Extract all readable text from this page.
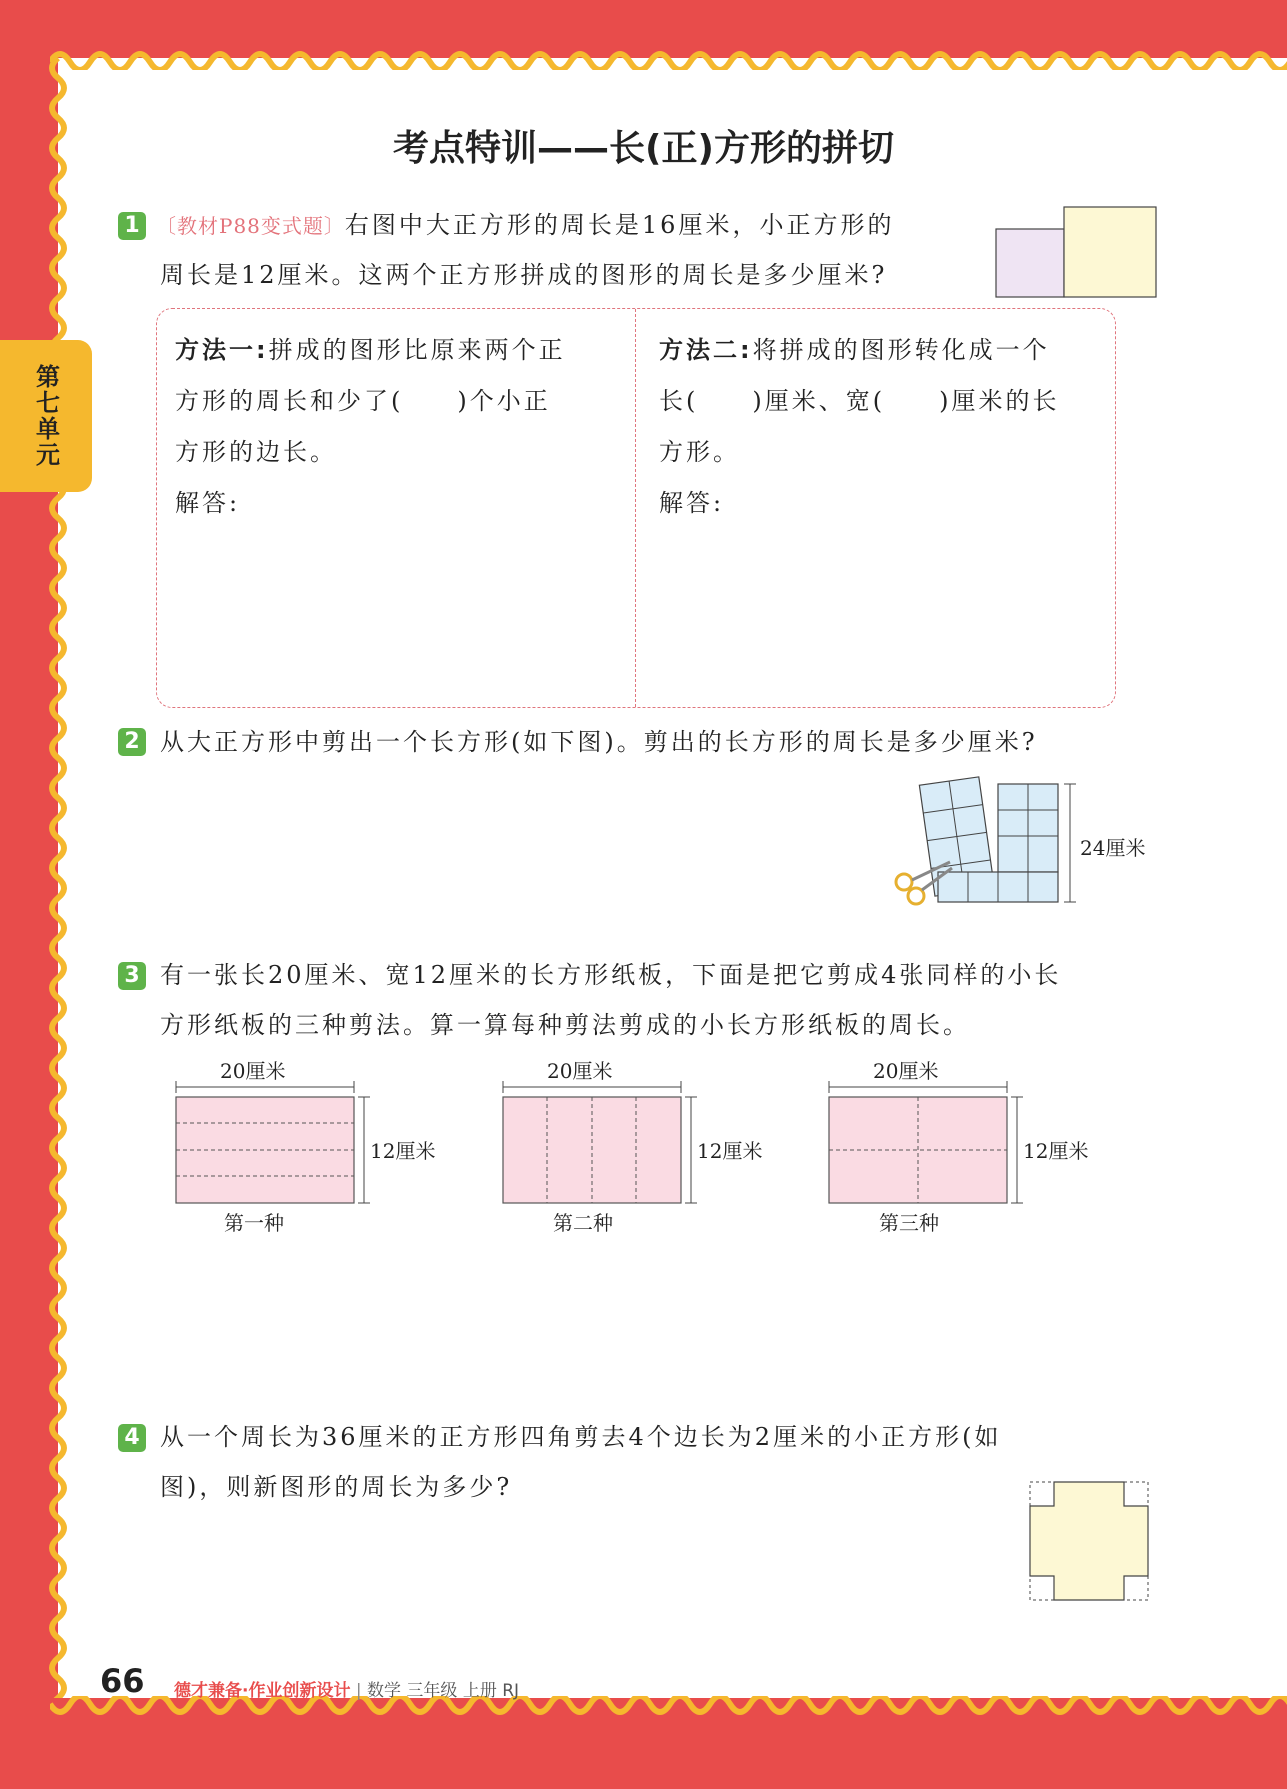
第七单元
考点特训——长(正)方形的拼切
1 〔教材P88变式题〕右图中大正方形的周长是16厘米，小正方形的
周长是12厘米。这两个正方形拼成的图形的周长是多少厘米?
方法一:拼成的图形比原来两个正
方形的周长和少了(　　)个小正
方形的边长。
解答:
方法二:将拼成的图形转化成一个
长(　　)厘米、宽(　　)厘米的长
方形。
解答:
2 从大正方形中剪出一个长方形(如下图)。剪出的长方形的周长是多少厘米?
24厘米
3 有一张长20厘米、宽12厘米的长方形纸板，下面是把它剪成4张同样的小长
方形纸板的三种剪法。算一算每种剪法剪成的小长方形纸板的周长。
20厘米
12厘米
第一种
20厘米
12厘米
第二种
20厘米
12厘米
第三种
4 从一个周长为36厘米的正方形四角剪去4个边长为2厘米的小正方形(如
图)，则新图形的周长为多少?
66 德才兼备·作业创新设计 | 数学 三年级 上册 RJ
